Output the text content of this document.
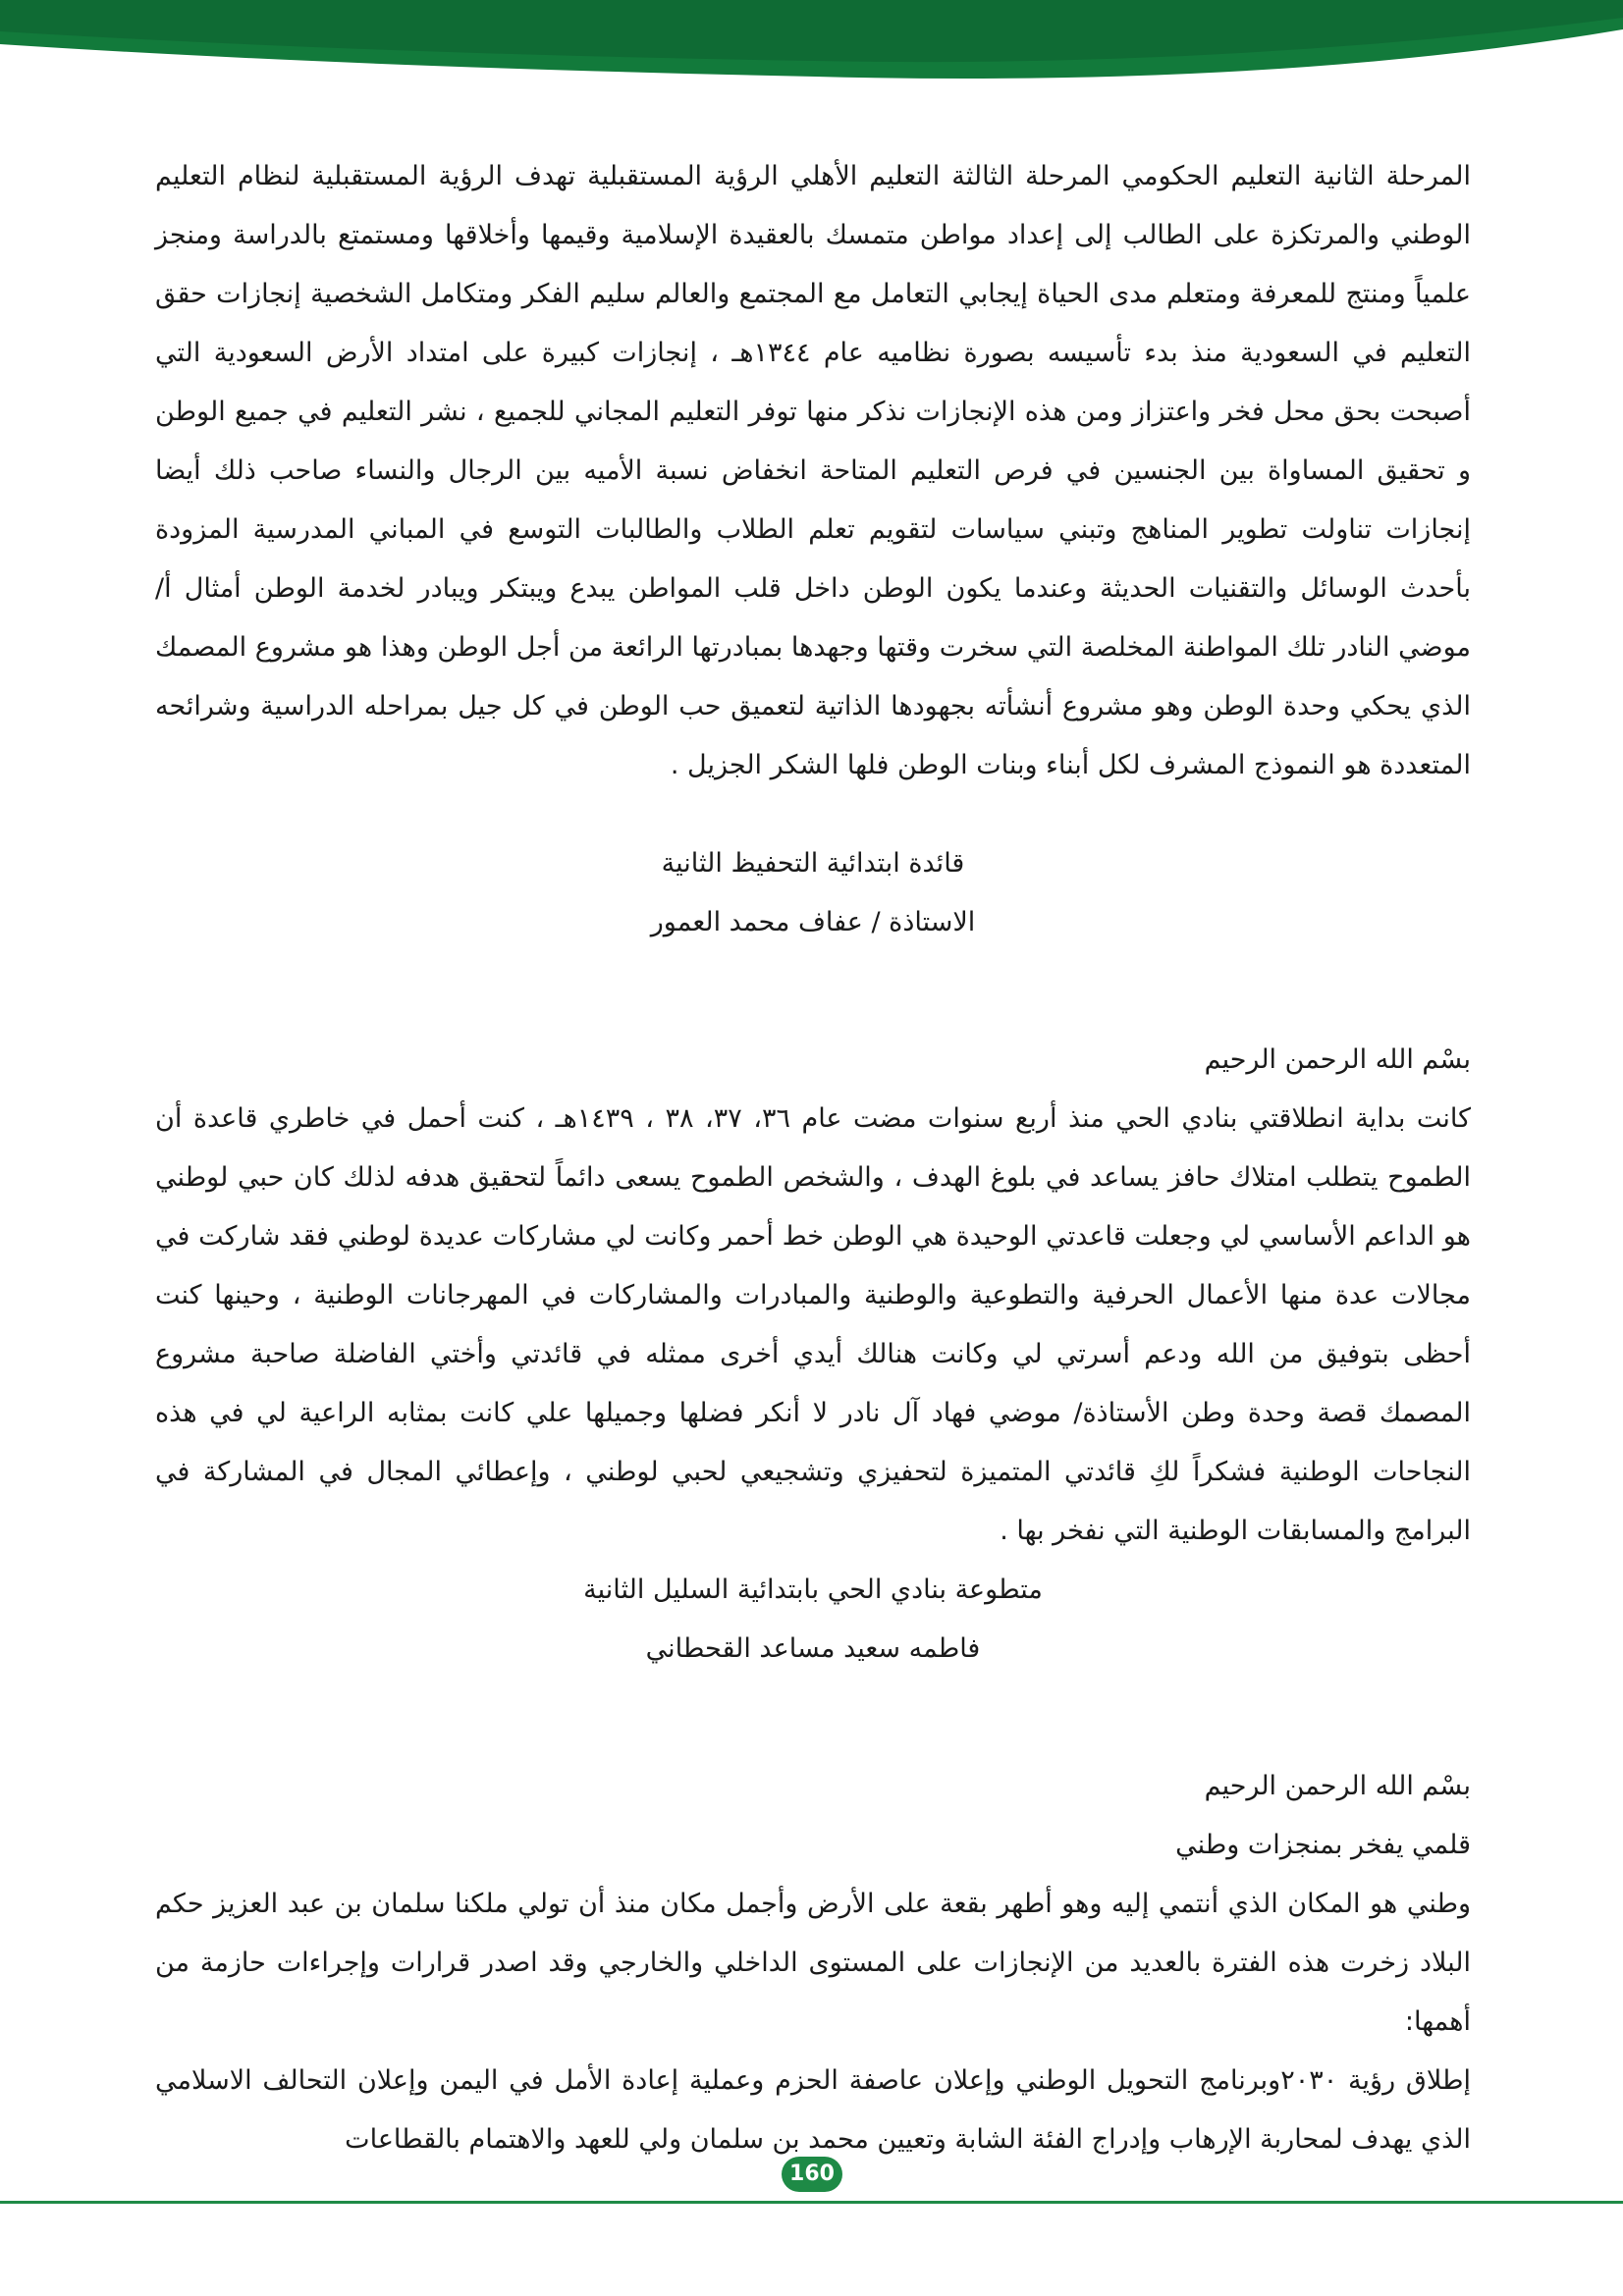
المرحلة الثانية التعليم الحكومي المرحلة الثالثة التعليم الأهلي الرؤية المستقبلية تهدف الرؤية المستقبلية لنظام التعليم الوطني والمرتكزة على الطالب إلى إعداد مواطن متمسك بالعقيدة الإسلامية وقيمها وأخلاقها ومستمتع بالدراسة ومنجز علمياً ومنتج للمعرفة ومتعلم مدى الحياة إيجابي التعامل مع المجتمع والعالم سليم الفكر ومتكامل الشخصية إنجازات حقق التعليم في السعودية منذ بدء تأسيسه بصورة نظاميه عام ١٣٤٤هـ ، إنجازات كبيرة على امتداد الأرض السعودية التي أصبحت بحق محل فخر واعتزاز ومن هذه الإنجازات نذكر منها توفر التعليم المجاني للجميع ، نشر التعليم في جميع الوطن و تحقيق المساواة بين الجنسين في فرص التعليم المتاحة انخفاض نسبة الأميه بين الرجال والنساء صاحب ذلك أيضا إنجازات تناولت تطوير المناهج وتبني سياسات لتقويم تعلم الطلاب والطالبات التوسع في المباني المدرسية المزودة بأحدث الوسائل والتقنيات الحديثة وعندما يكون الوطن داخل قلب المواطن يبدع ويبتكر ويبادر لخدمة الوطن أمثال أ/ موضي النادر تلك المواطنة المخلصة التي سخرت وقتها وجهدها بمبادرتها الرائعة من أجل الوطن وهذا هو مشروع المصمك الذي يحكي وحدة الوطن وهو مشروع أنشأته بجهودها الذاتية لتعميق حب الوطن في كل جيل بمراحله الدراسية وشرائحه المتعددة هو النموذج المشرف لكل أبناء وبنات الوطن فلها الشكر الجزيل .

قائدة ابتدائية التحفيظ الثانية

الاستاذة / عفاف محمد العمور

بسْم الله الرحمن الرحيم

كانت بداية انطلاقتي بنادي الحي منذ أربع سنوات مضت عام ٣٦، ٣٧، ٣٨ ، ١٤٣٩هـ ، كنت أحمل في خاطري قاعدة أن الطموح يتطلب امتلاك حافز يساعد في بلوغ الهدف ، والشخص الطموح يسعى دائماً لتحقيق هدفه لذلك كان حبي لوطني هو الداعم الأساسي لي وجعلت قاعدتي الوحيدة هي الوطن خط أحمر وكانت لي مشاركات عديدة لوطني فقد شاركت في مجالات عدة منها الأعمال الحرفية والتطوعية والوطنية والمبادرات والمشاركات في المهرجانات الوطنية ، وحينها كنت أحظى بتوفيق من الله ودعم أسرتي لي وكانت هنالك أيدي أخرى ممثله في قائدتي وأختي الفاضلة صاحبة مشروع المصمك قصة وحدة وطن الأستاذة/ موضي فهاد آل نادر لا أنكر فضلها وجميلها علي كانت بمثابه الراعية لي في هذه النجاحات الوطنية فشكراً لكِ قائدتي المتميزة لتحفيزي وتشجيعي لحبي لوطني ، وإعطائي المجال في المشاركة في البرامج والمسابقات الوطنية التي نفخر بها .

متطوعة بنادي الحي بابتدائية السليل الثانية

فاطمه سعيد مساعد القحطاني

بسْم الله الرحمن الرحيم

قلمي يفخر بمنجزات وطني

وطني هو المكان الذي أنتمي إليه وهو أطهر بقعة على الأرض وأجمل مكان منذ أن تولي ملكنا سلمان بن عبد العزيز حكم البلاد زخرت هذه الفترة بالعديد من الإنجازات على المستوى الداخلي والخارجي وقد اصدر قرارات وإجراءات حازمة من أهمها:

إطلاق رؤية ٢٠٣٠وبرنامج التحويل الوطني وإعلان عاصفة الحزم وعملية إعادة الأمل في اليمن وإعلان التحالف الاسلامي الذي يهدف لمحاربة الإرهاب وإدراج الفئة الشابة وتعيين محمد بن سلمان ولي للعهد والاهتمام بالقطاعات

160
